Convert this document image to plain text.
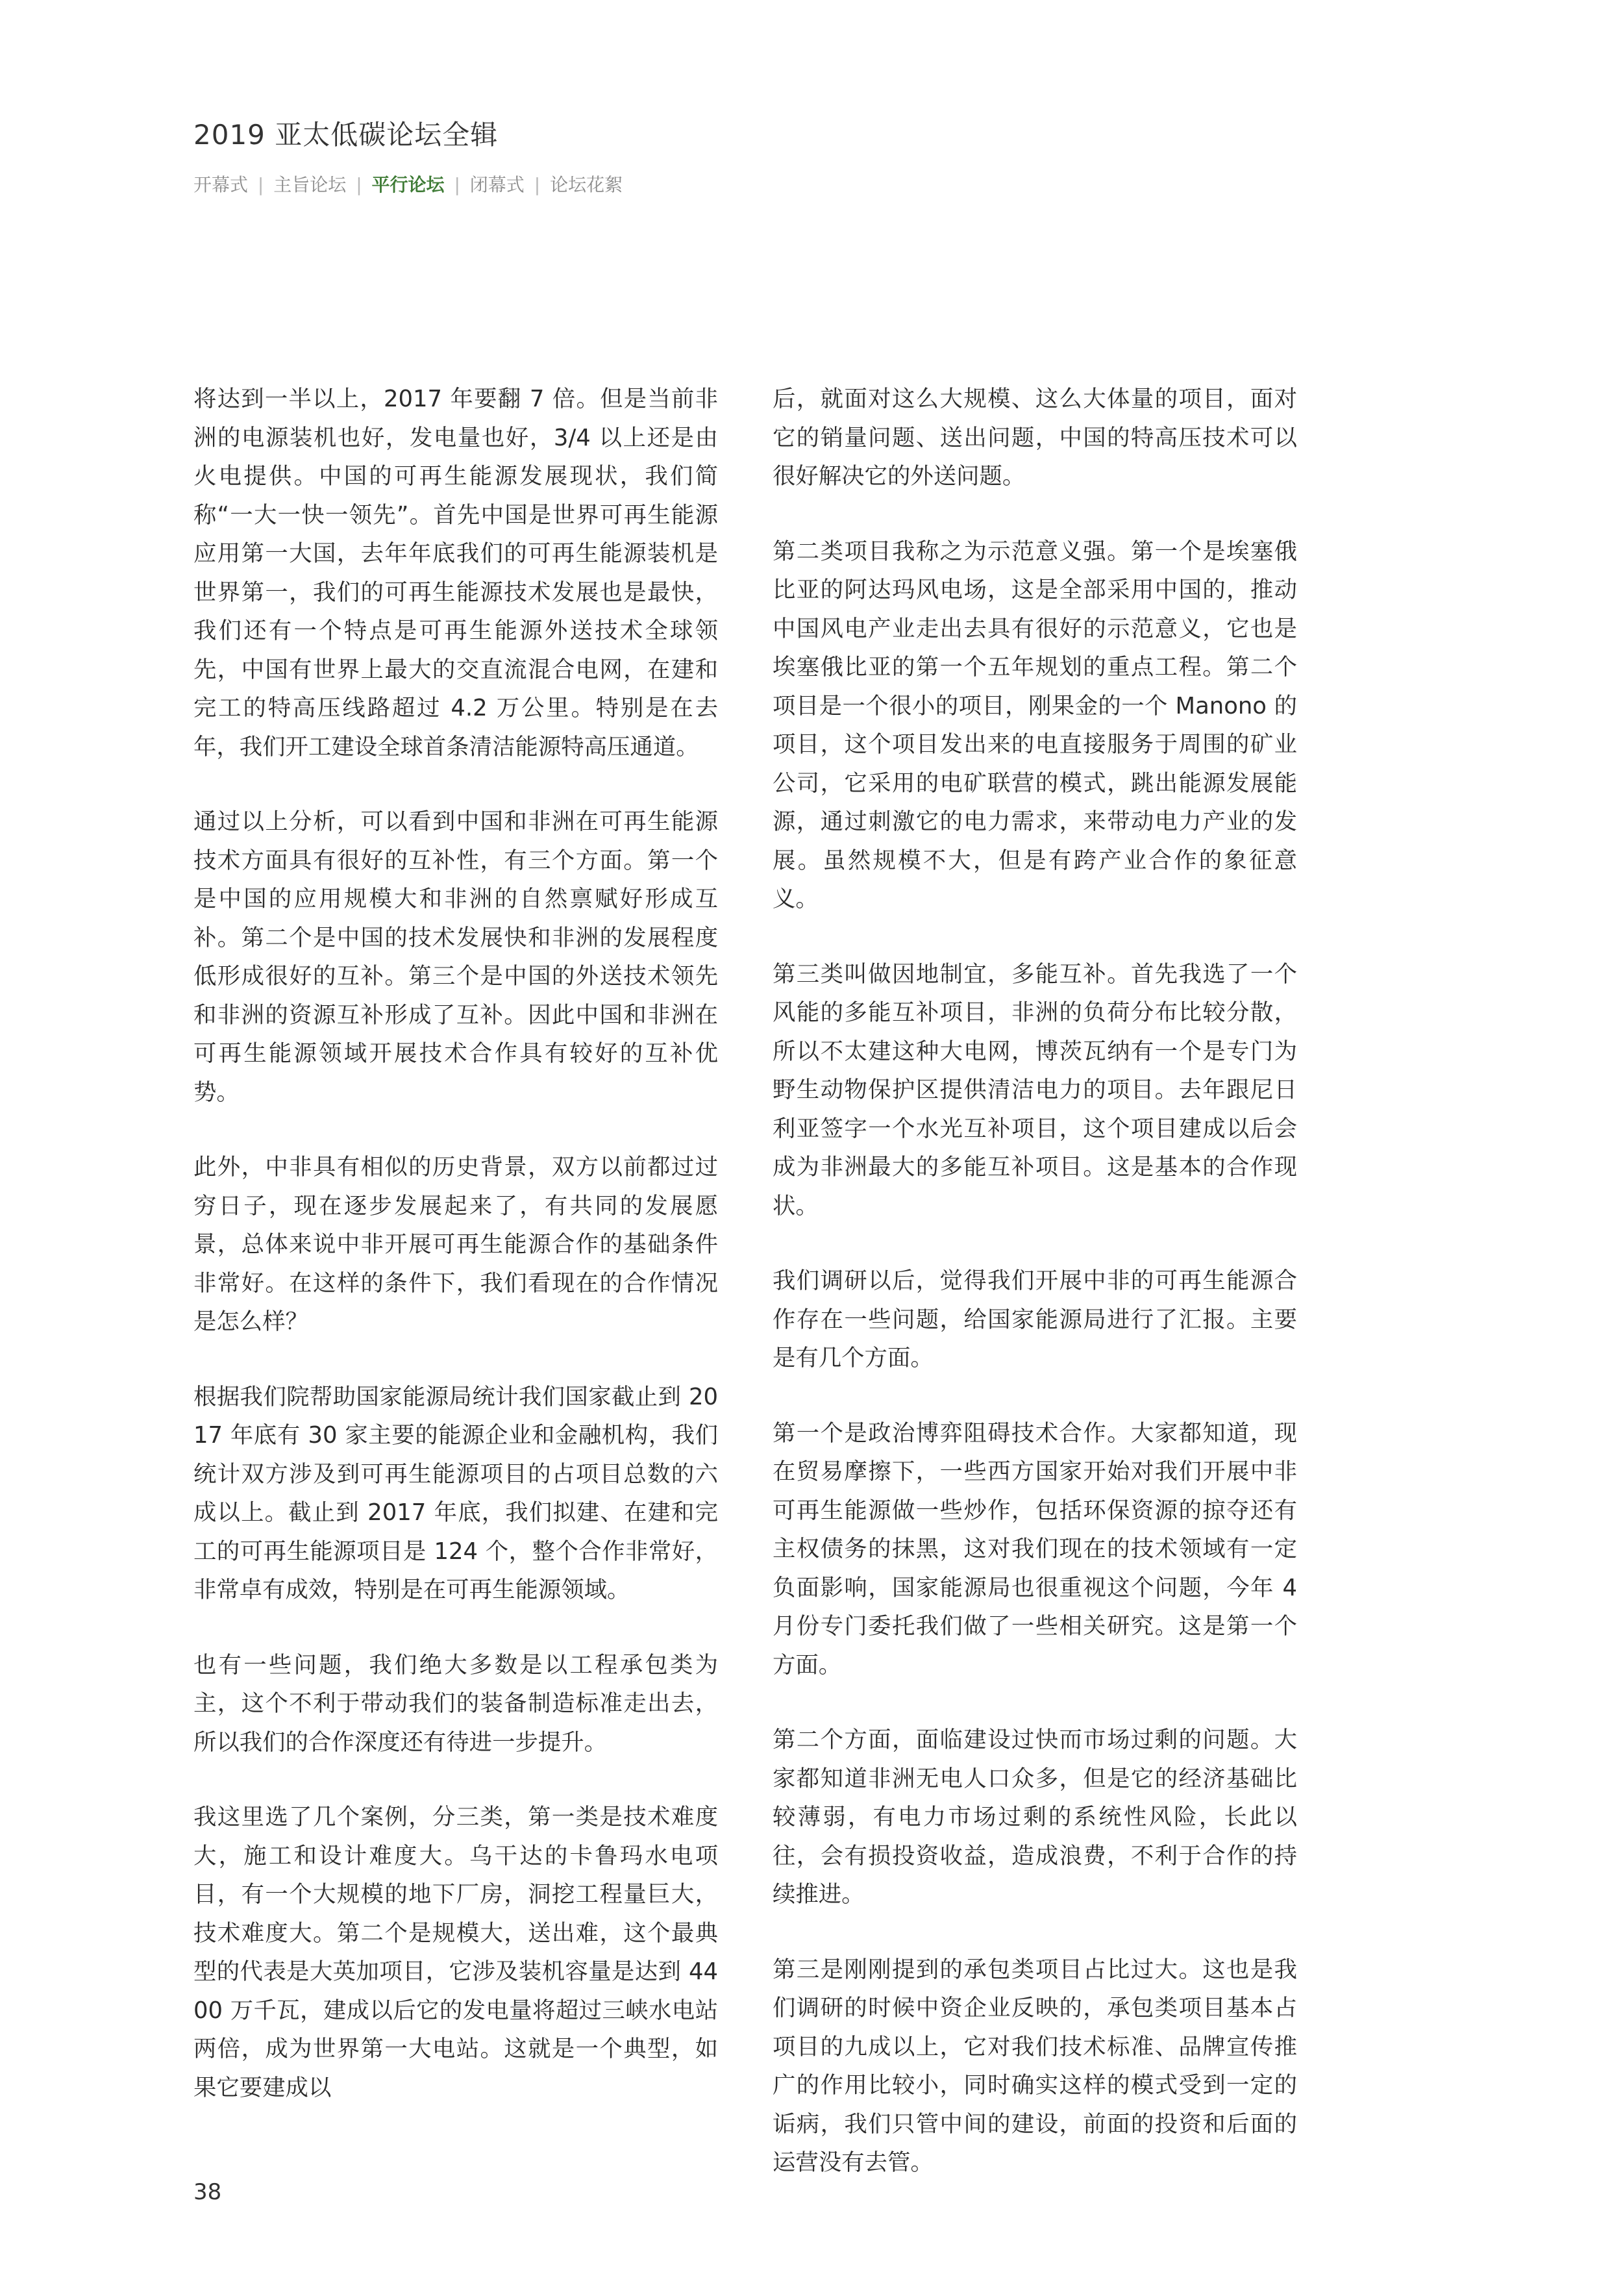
2019 亚太低碳论坛全辑
开幕式 | 主旨论坛 | 平行论坛 | 闭幕式 | 论坛花絮

将达到一半以上，2017 年要翻 7 倍。但是当前非洲的电源装机也好，发电量也好，3/4 以上还是由火电提供。中国的可再生能源发展现状，我们简称“一大一快一领先”。首先中国是世界可再生能源应用第一大国，去年年底我们的可再生能源装机是世界第一，我们的可再生能源技术发展也是最快，我们还有一个特点是可再生能源外送技术全球领先，中国有世界上最大的交直流混合电网，在建和完工的特高压线路超过 4.2 万公里。特别是在去年，我们开工建设全球首条清洁能源特高压通道。

通过以上分析，可以看到中国和非洲在可再生能源技术方面具有很好的互补性，有三个方面。第一个是中国的应用规模大和非洲的自然禀赋好形成互补。第二个是中国的技术发展快和非洲的发展程度低形成很好的互补。第三个是中国的外送技术领先和非洲的资源互补形成了互补。因此中国和非洲在可再生能源领域开展技术合作具有较好的互补优势。

此外，中非具有相似的历史背景，双方以前都过过穷日子，现在逐步发展起来了，有共同的发展愿景，总体来说中非开展可再生能源合作的基础条件非常好。在这样的条件下，我们看现在的合作情况是怎么样？

根据我们院帮助国家能源局统计我们国家截止到 2017 年底有 30 家主要的能源企业和金融机构，我们统计双方涉及到可再生能源项目的占项目总数的六成以上。截止到 2017 年底，我们拟建、在建和完工的可再生能源项目是 124 个，整个合作非常好，非常卓有成效，特别是在可再生能源领域。

也有一些问题，我们绝大多数是以工程承包类为主，这个不利于带动我们的装备制造标准走出去，所以我们的合作深度还有待进一步提升。

我这里选了几个案例，分三类，第一类是技术难度大，施工和设计难度大。乌干达的卡鲁玛水电项目，有一个大规模的地下厂房，洞挖工程量巨大，技术难度大。第二个是规模大，送出难，这个最典型的代表是大英加项目，它涉及装机容量是达到 4400 万千瓦，建成以后它的发电量将超过三峡水电站两倍，成为世界第一大电站。这就是一个典型，如果它要建成以

后，就面对这么大规模、这么大体量的项目，面对它的销量问题、送出问题，中国的特高压技术可以很好解决它的外送问题。

第二类项目我称之为示范意义强。第一个是埃塞俄比亚的阿达玛风电场，这是全部采用中国的，推动中国风电产业走出去具有很好的示范意义，它也是埃塞俄比亚的第一个五年规划的重点工程。第二个项目是一个很小的项目，刚果金的一个 Manono 的项目，这个项目发出来的电直接服务于周围的矿业公司，它采用的电矿联营的模式，跳出能源发展能源，通过刺激它的电力需求，来带动电力产业的发展。虽然规模不大，但是有跨产业合作的象征意义。

第三类叫做因地制宜，多能互补。首先我选了一个风能的多能互补项目，非洲的负荷分布比较分散，所以不太建这种大电网，博茨瓦纳有一个是专门为野生动物保护区提供清洁电力的项目。去年跟尼日利亚签字一个水光互补项目，这个项目建成以后会成为非洲最大的多能互补项目。这是基本的合作现状。

我们调研以后，觉得我们开展中非的可再生能源合作存在一些问题，给国家能源局进行了汇报。主要是有几个方面。

第一个是政治博弈阻碍技术合作。大家都知道，现在贸易摩擦下，一些西方国家开始对我们开展中非可再生能源做一些炒作，包括环保资源的掠夺还有主权债务的抹黑，这对我们现在的技术领域有一定负面影响，国家能源局也很重视这个问题，今年 4 月份专门委托我们做了一些相关研究。这是第一个方面。

第二个方面，面临建设过快而市场过剩的问题。大家都知道非洲无电人口众多，但是它的经济基础比较薄弱，有电力市场过剩的系统性风险，长此以往，会有损投资收益，造成浪费，不利于合作的持续推进。

第三是刚刚提到的承包类项目占比过大。这也是我们调研的时候中资企业反映的，承包类项目基本占项目的九成以上，它对我们技术标准、品牌宣传推广的作用比较小，同时确实这样的模式受到一定的诟病，我们只管中间的建设，前面的投资和后面的运营没有去管。

38
